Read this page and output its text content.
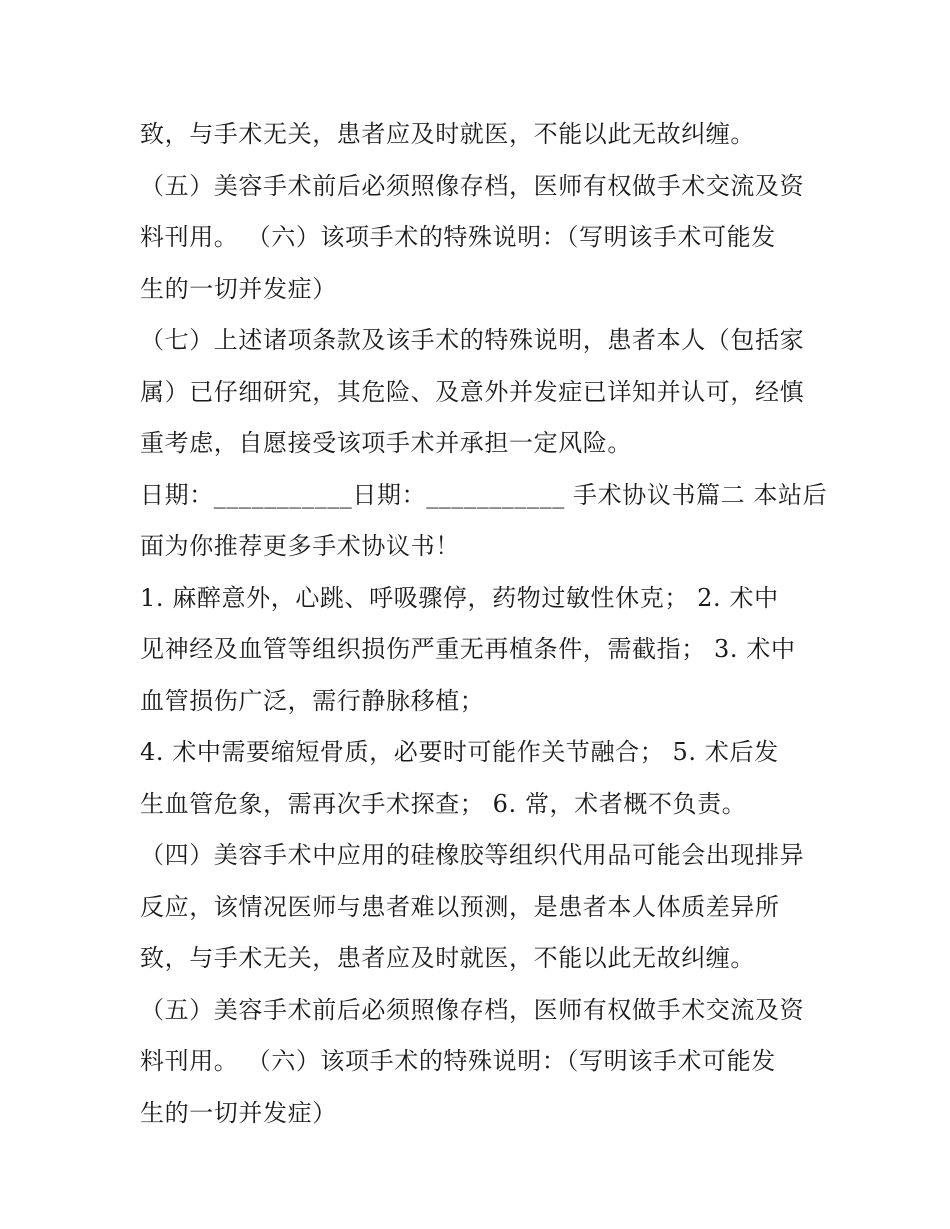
致，与手术无关，患者应及时就医，不能以此无故纠缠。
（五）美容手术前后必须照像存档，医师有权做手术交流及资
料刊用。 （六）该项手术的特殊说明：（写明该手术可能发
生的一切并发症）
（七）上述诸项条款及该手术的特殊说明，患者本人（包括家
属）已仔细研究，其危险、及意外并发症已详知并认可，经慎
重考虑，自愿接受该项手术并承担一定风险。
日期：___________日期：___________ 手术协议书篇二 本站后
面为你推荐更多手术协议书！
1. 麻醉意外，心跳、呼吸骤停，药物过敏性休克； 2. 术中
见神经及血管等组织损伤严重无再植条件，需截指； 3. 术中
血管损伤广泛，需行静脉移植；
4. 术中需要缩短骨质，必要时可能作关节融合； 5. 术后发
生血管危象，需再次手术探查； 6. 常，术者概不负责。
（四）美容手术中应用的硅橡胶等组织代用品可能会出现排异
反应，该情况医师与患者难以预测，是患者本人体质差异所
致，与手术无关，患者应及时就医，不能以此无故纠缠。
（五）美容手术前后必须照像存档，医师有权做手术交流及资
料刊用。 （六）该项手术的特殊说明：（写明该手术可能发
生的一切并发症）
